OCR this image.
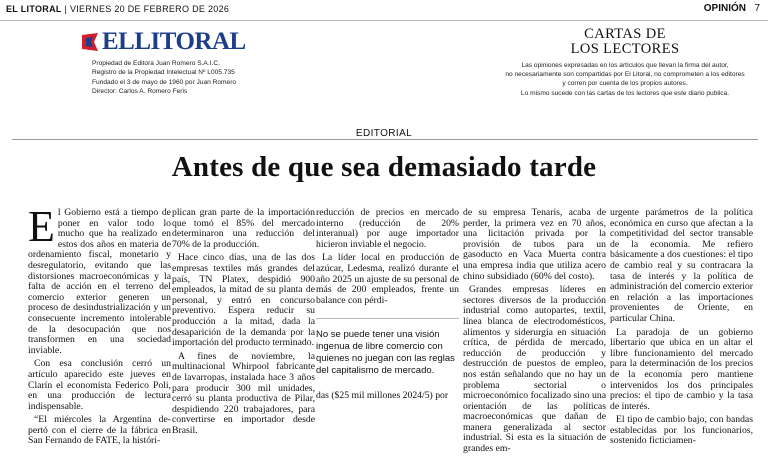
EL LITORAL | VIERNES 20 DE FEBRERO DE 2026	OPINIÓN 7
ELLITORAL
Propiedad de Editora Juan Romero S.A.I.C.
Registro de la Propiedad Intelectual Nº L005.735
Fundado el 3 de mayo de 1960 por Juan Romero
Director: Carlos A. Romero Feris
CARTAS DE
LOS LECTORES
Las opiniones expresadas en los artículos que llevan la firma del autor,
no necesariamente son compartidas por El Litoral, no comprometen a los editores
y corren por cuenta de los propios autores.
Lo mismo sucede con las cartas de los lectores que este diario publica.
EDITORIAL
Antes de que sea demasiado tarde

El Gobierno está a tiempo de poner en valor todo lo mucho que ha realizado en estos dos años en materia de ordenamiento fiscal, monetario y desregulatorio, evitando que las distorsiones macroeconómicas y la falta de acción en el terreno del comercio exterior generen un proceso de desindustrialización y un consecuente incremento intolerable de la desocupación que nos transformen en una sociedad inviable.

Con esa conclusión cerró un artículo aparecido este jueves en Clarín el economista Federico Poli, en una producción de lectura indispensable.

“El miércoles la Argentina de-pertó con el cierre de la fábrica en San Fernando de FATE, la históri-

plican gran parte de la importación que tomó el 85% del mercado determinaron una reducción del 70% de la producción.

Hace cinco días, una de las dos empresas textiles más grandes del país, TN Platex, despidió 900 empleados, la mitad de su planta de personal, y entró en concurso preventivo. Espera reducir su producción a la mitad, dada la desaparición de la demanda por la importación del producto terminado.

A fines de noviembre, la multinacional Whirpool fabricante de lavarropas, instalada hace 3 años para producir 300 mil unidades, cerró su planta productiva de Pilar, despidiendo 220 trabajadores, para convertirse en importador desde Brasil.

reducción de precios en mercado interno (reducción de 20% interanual) por auge importador hicieron inviable el negocio.

La líder local en producción de azúcar, Ledesma, realizó durante el año 2025 un ajuste de su personal de más de 200 empleados, frente un balance con pérdi-

No se puede tener una visión ingenua de libre comercio con quienes no juegan con las reglas del capitalismo de mercado.

das ($25 mil millones 2024/5) por

de su empresa Tenaris, acaba de perder, la primera vez en 70 años, una licitación privada por la provisión de tubos para un gasoducto en Vaca Muerta contra una empresa india que utiliza acero chino subsidiado (60% del costo).

Grandes empresas líderes en sectores diversos de la producción industrial como autopartes, textil, línea blanca de electrodomésticos, alimentos y siderurgia en situación crítica, de pérdida de mercado, reducción de producción y destrucción de puestos de empleo, nos están señalando que no hay un problema sectorial o microeconómico focalizado sino una orientación de las políticas macroeconómicas que dañan de manera generalizada al sector industrial. Si esta es la situación de grandes em-

urgente parámetros de la política económica en curso que afectan a la competitividad del sector transable de la economía. Me refiero básicamente a dos cuestiones: el tipo de cambio real y su contracara la tasa de interés y la política de administración del comercio exterior en relación a las importaciones provenientes de Oriente, en particular China.

La paradoja de un gobierno libertario que ubica en un altar el libre funcionamiento del mercado para la determinación de los precios de la economía pero mantiene intervenidos los dos principales precios: el tipo de cambio y la tasa de interés.

El tipo de cambio bajo, con bandas establecidas por los funcionarios, sostenido ficticiamen-
